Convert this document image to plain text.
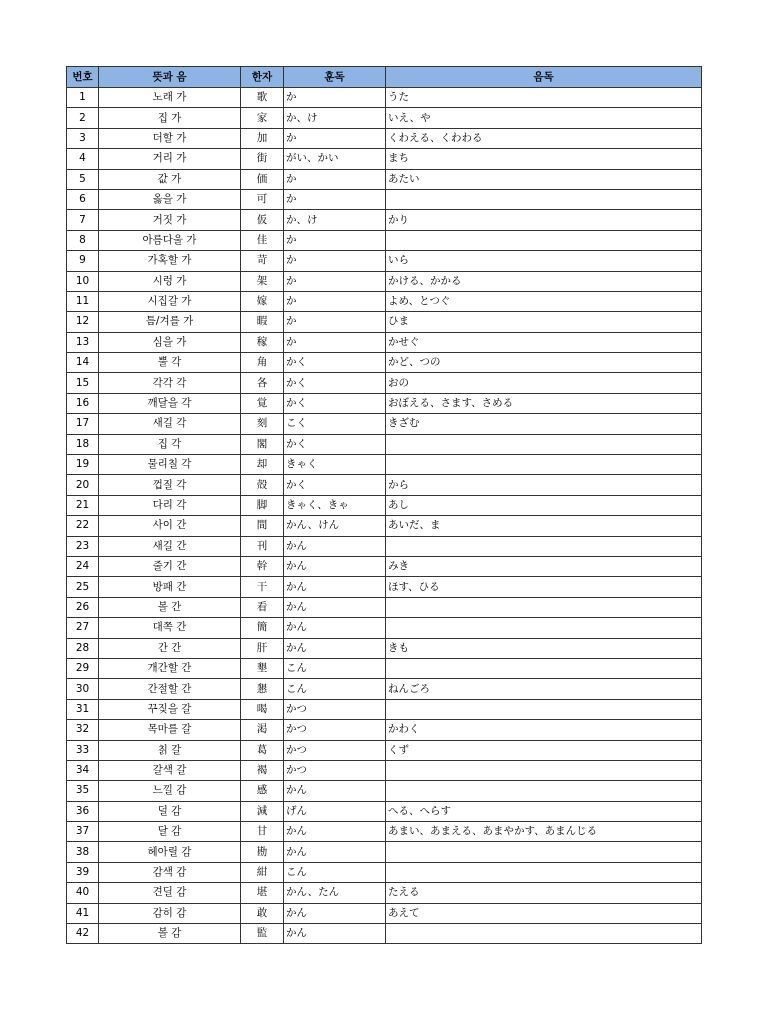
번호	뜻과 음	한자	훈독	음독
1	노래 가	歌	か	うた
2	집 가	家	か、け	いえ、や
3	더할 가	加	か	くわえる、くわわる
4	거리 가	街	がい、かい	まち
5	값 가	価	か	あたい
6	옳을 가	可	か	
7	거짓 가	仮	か、け	かり
8	아름다울 가	佳	か	
9	가혹할 가	苛	か	いら
10	시렁 가	架	か	かける、かかる
11	시집갈 가	嫁	か	よめ、とつぐ
12	틈/겨를 가	暇	か	ひま
13	심을 가	稼	か	かせぐ
14	뿔 각	角	かく	かど、つの
15	각각 각	各	かく	おの
16	깨달을 각	覚	かく	おぼえる、さます、さめる
17	새길 각	刻	こく	きざむ
18	집 각	閣	かく	
19	물리칠 각	却	きゃく	
20	껍질 각	殻	かく	から
21	다리 각	脚	きゃく、きゃ	あし
22	사이 간	間	かん、けん	あいだ、ま
23	새길 간	刊	かん	
24	줄기 간	幹	かん	みき
25	방패 간	干	かん	ほす、ひる
26	볼 간	看	かん	
27	대쪽 간	簡	かん	
28	간 간	肝	かん	きも
29	개간할 간	墾	こん	
30	간절할 간	懇	こん	ねんごろ
31	꾸짖을 갈	喝	かつ	
32	목마를 갈	渇	かつ	かわく
33	칡 갈	葛	かつ	くず
34	갈색 갈	褐	かつ	
35	느낄 감	感	かん	
36	덜 감	減	げん	へる、へらす
37	달 감	甘	かん	あまい、あまえる、あまやかす、あまんじる
38	헤아릴 감	勘	かん	
39	감색 감	紺	こん	
40	견딜 감	堪	かん、たん	たえる
41	감히 감	敢	かん	あえて
42	볼 감	監	かん	
